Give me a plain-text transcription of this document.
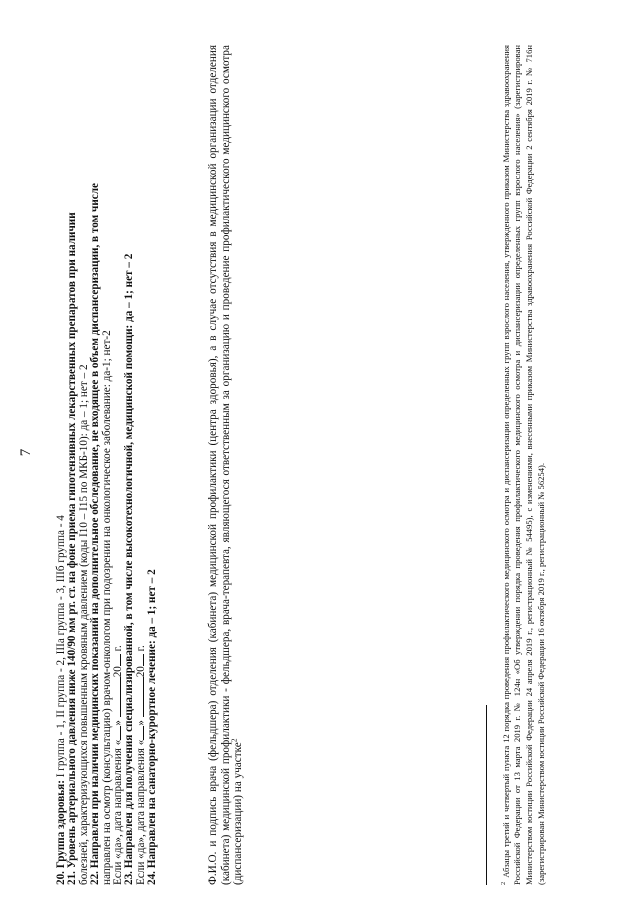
7

20. Группа здоровья: I группа - 1, II группа - 2, IIIа группа - 3, IIIб группа - 4

21. Уровень артериального давления ниже 140/90 мм рт. ст. на фоне приема гипотензивных лекарственных препаратов при наличии болезней, характеризующихся повышенным кровяным давлением (коды I10 – I15 по МКБ-10): да – 1; нет – 2 22. Направлен при наличии медицинских показаний на дополнительное обследование, не входящее в объем диспансеризации, в том числе направлен на осмотр (консультацию) врачом-онкологом при подозрении на онкологическое заболевание: да-1; нет-2 Если «да», дата направления «» 20 г.

23. Направлен для получения специализированной, в том числе высокотехнологичной, медицинской помощи: да – 1; нет – 2 Если «да», дата направления «» 20 г.

24. Направлен на санаторно-курортное лечение: да – 1; нет – 2	Ф.И.О. и подпись врача (фельдшера) отделения (кабинета) медицинской профилактики (центра здоровья), а в случае отсутствия в медицинской организации отделения (кабинета) медицинской профилактики - фельдшера, врача-терапевта, являющегося ответственным за организацию и проведение профилактического медицинского осмотра (диспансеризации) на участке$^2$

$^2$Абзацы третий и четвертый пункта 12 порядка проведения профилактического медицинского осмотра и диспансеризации определенных групп взрослого населения, утвержденного приказом Министерства здравоохранения Российской Федерации от 13 марта 2019 г. № 124н «Об утверждении порядка проведения профилактического медицинского осмотра и диспансеризации определенных групп взрослого населения» (зарегистрирован Министерством юстиции Российской Федерации 24 апреля 2019 г., регистрационный № 54495), с изменениями, внесенными приказом Министерства здравоохранения Российской Федерации 2 сентября 2019 г. № 716н (зарегистрирован Министерством юстиции Российской Федерации 16 октября 2019 г., регистрационный № 56254).
